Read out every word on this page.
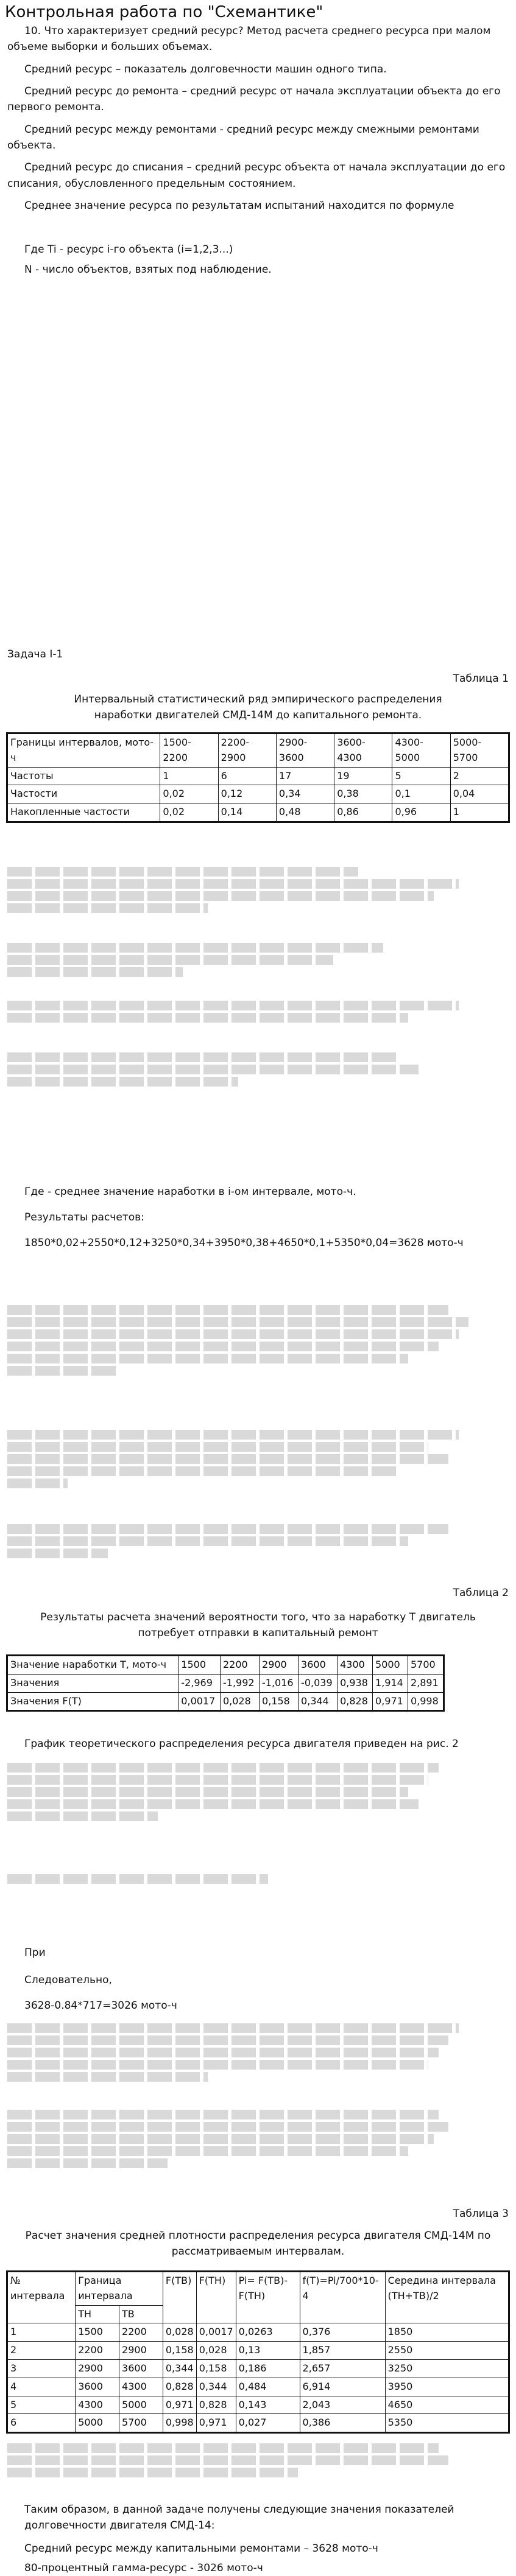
Контрольная работа по "Схемантике"

10. Что характеризует средний ресурс? Метод расчета среднего ресурса при малом объеме выборки и больших объемах.

Средний ресурс – показатель долговечности машин одного типа.

Средний ресурс до ремонта – средний ресурс от начала эксплуатации объекта до его первого ремонта.

Средний ресурс между ремонтами - средний ресурс между смежными ремонтами объекта.

Средний ресурс до списания – средний ресурс объекта от начала эксплуатации до его списания, обусловленного предельным состоянием.

Среднее значение ресурса по результатам испытаний находится по формуле

Где Ti - ресурс i-го объекта (i=1,2,3...)

N - число объектов, взятых под наблюдение.

Задача I-1
Таблица 1
Интервальный статистический ряд эмпирического распределения наработки двигателей СМД-14М до капитального ремонта.
Границы интервалов, мото-ч	1500-2200	2200-2900	2900-3600	3600-4300	4300-5000	5000-5700
Частоты	1	6	17	19	5	2
Частости	0,02	0,12	0,34	0,38	0,1	0,04
Накопленные частости	0,02	0,14	0,48	0,86	0,96	1
Где - среднее значение наработки в i-ом интервале, мото-ч.
Результаты расчетов:
1850*0,02+2550*0,12+3250*0,34+3950*0,38+4650*0,1+5350*0,04=3628 мото-ч
Таблица 2
Результаты расчета значений вероятности того, что за наработку Т двигатель потребует отправки в капитальный ремонт
Значение наработки Т, мото-ч	1500	2200	2900	3600	4300	5000	5700
Значения	-2,969	-1,992	-1,016	-0,039	0,938	1,914	2,891
Значения F(T)	0,0017	0,028	0,158	0,344	0,828	0,971	0,998
График теоретического распределения ресурса двигателя приведен на рис. 2
При
Следовательно,
3628-0.84*717=3026 мото-ч
Таблица 3
Расчет значения средней плотности распределения ресурса двигателя СМД-14М по рассматриваемым интервалам.
№ интервала	Граница интервала		F(TB)	F(TH)	Pi= F(TB)-F(TH)	f(T)=Pi/700*10-4	Середина интервала (TH+TB)/2
	TH	TB					
1	1500	2200	0,028	0,0017	0,0263	0,376	1850
2	2200	2900	0,158	0,028	0,13	1,857	2550
3	2900	3600	0,344	0,158	0,186	2,657	3250
4	3600	4300	0,828	0,344	0,484	6,914	3950
5	4300	5000	0,971	0,828	0,143	2,043	4650
6	5000	5700	0,998	0,971	0,027	0,386	5350
Таким образом, в данной задаче получены следующие значения показателей долговечности двигателя СМД-14:
Средний ресурс между капитальными ремонтами – 3628 мото-ч
80-процентный гамма-ресурс - 3026 мото-ч
